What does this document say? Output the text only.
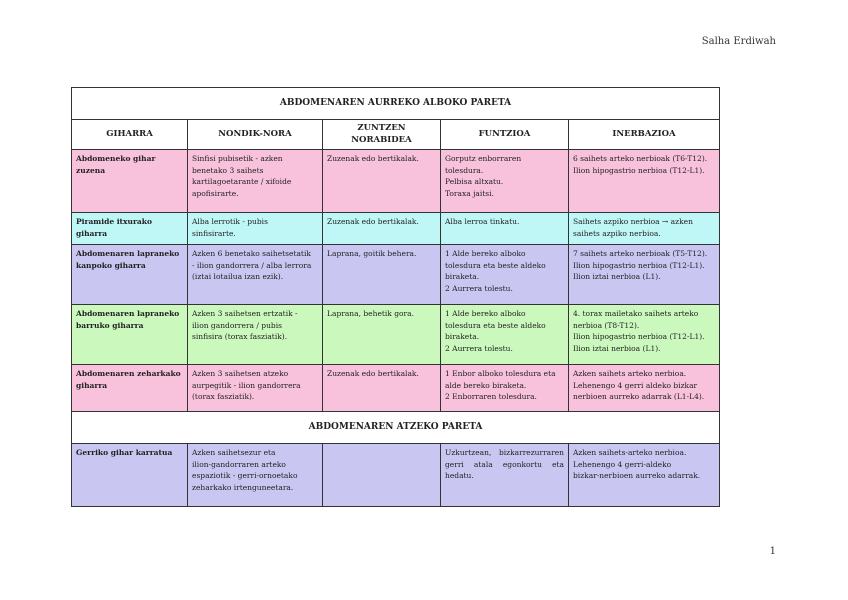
Salha Erdiwah
ABDOMENAREN AURREKO ALBOKO PARETA				
GIHARRA	NONDIK-NORA	ZUNTZEN NORABIDEA	FUNTZIOA	INERBAZIOA
Abdomeneko gihar zuzena	Sinfisi pubisetik - azken
benetako 3 saihets
kartilagoetarante / xifoide
apofisirarte.	Zuzenak edo bertikalak.	Gorputz enborraren
tolesdura.
Pelbisa altxatu.
Toraxa jaitsi.	6 saihets arteko nerbioak (T6-T12).
Ilion hipogastrio nerbioa (T12-L1).

Piramide itxurako giharra	Alba lerrotik - pubis
sinfisirarte.	Zuzenak edo bertikalak.	Alba lerroa tinkatu.	Saihets azpiko nerbioa → azken
saihets azpiko nerbioa.

Abdomenaren lapraneko kanpoko giharra	Azken 6 benetako saihetsetatik
- ilion gandorrera / alba lerrora
(iztai lotailua izan ezik).	Laprana, goitik behera.	1 Alde bereko alboko
tolesdura eta beste aldeko
biraketa.
2 Aurrera tolestu.	7 saihets arteko nerbioak (T5-T12).
Ilion hipogastrio nerbioa (T12-L1).
Ilion iztai nerbioa (L1).

Abdomenaren lapraneko barruko giharra	Azken 3 saihetsen ertzatik -
ilion gandorrera / pubis
sinfisira (torax fasziatik).	Laprana, behetik gora.	1 Alde bereko alboko
tolesdura eta beste aldeko
biraketa.
2 Aurrera tolestu.	4. torax mailetako saihets arteko
nerbioa (T8-T12).
Ilion hipogastrio nerbioa (T12-L1).
Ilion iztai nerbioa (L1).

Abdomenaren zeharkako giharra	Azken 3 saihetsen atzeko
aurpegitik - ilion gandorrera
(torax fasziatik).	Zuzenak edo bertikalak.	1 Enbor alboko tolesdura eta
alde bereko biraketa.
2 Enborraren tolesdura.	Azken saihets arteko nerbioa.
Lehenengo 4 gerri aldeko bizkar
nerbioen aurreko adarrak (L1-L4).

ABDOMENAREN ATZEKO PARETA				
Gerriko gihar karratua	Azken saihetsezur eta
ilion-gandorraren arteko
espaziotik - gerri-ornoetako
zeharkako irtenguneetara.		Uzkurtzean, bizkarrezurraren gerri atala egonkortu eta hedatu.	Azken saihets-arteko nerbioa.
Lehenengo 4 gerri-aldeko
bizkar-nerbioen aurreko adarrak.
1
